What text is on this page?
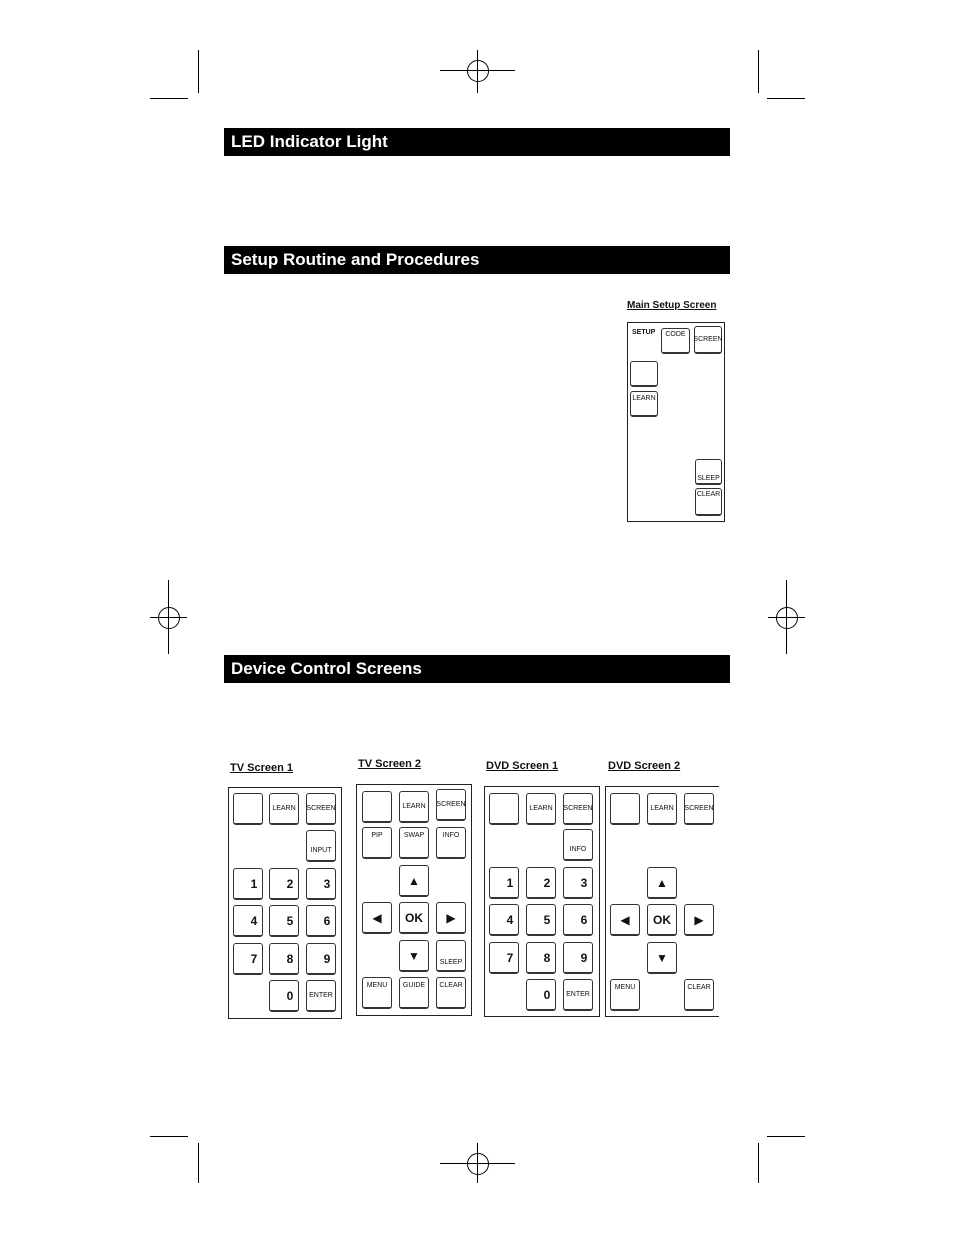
LED Indicator Light
Setup Routine and Procedures
Device Control Screens
Main Setup Screen
SETUP CODE
SCREEN
LEARN
SLEEP
CLEAR
TV Screen 1
LEARN SCREEN
INPUT
1 2	3
4 5	6
7 8	9
0 ENTER
TV Screen 2
LEARN SCREEN
PIP	SWAP	INFO
▲
◀ OK ▶
▼	SLEEP
MENU GUIDE CLEAR
DVD Screen 1
LEARN SCREEN
INFO
1	2	3
4	5	6
7	8	9
0 ENTER
DVD Screen 2
LEARN SCREEN
▲
◀ OK ▶
▼
MENU	CLEAR
